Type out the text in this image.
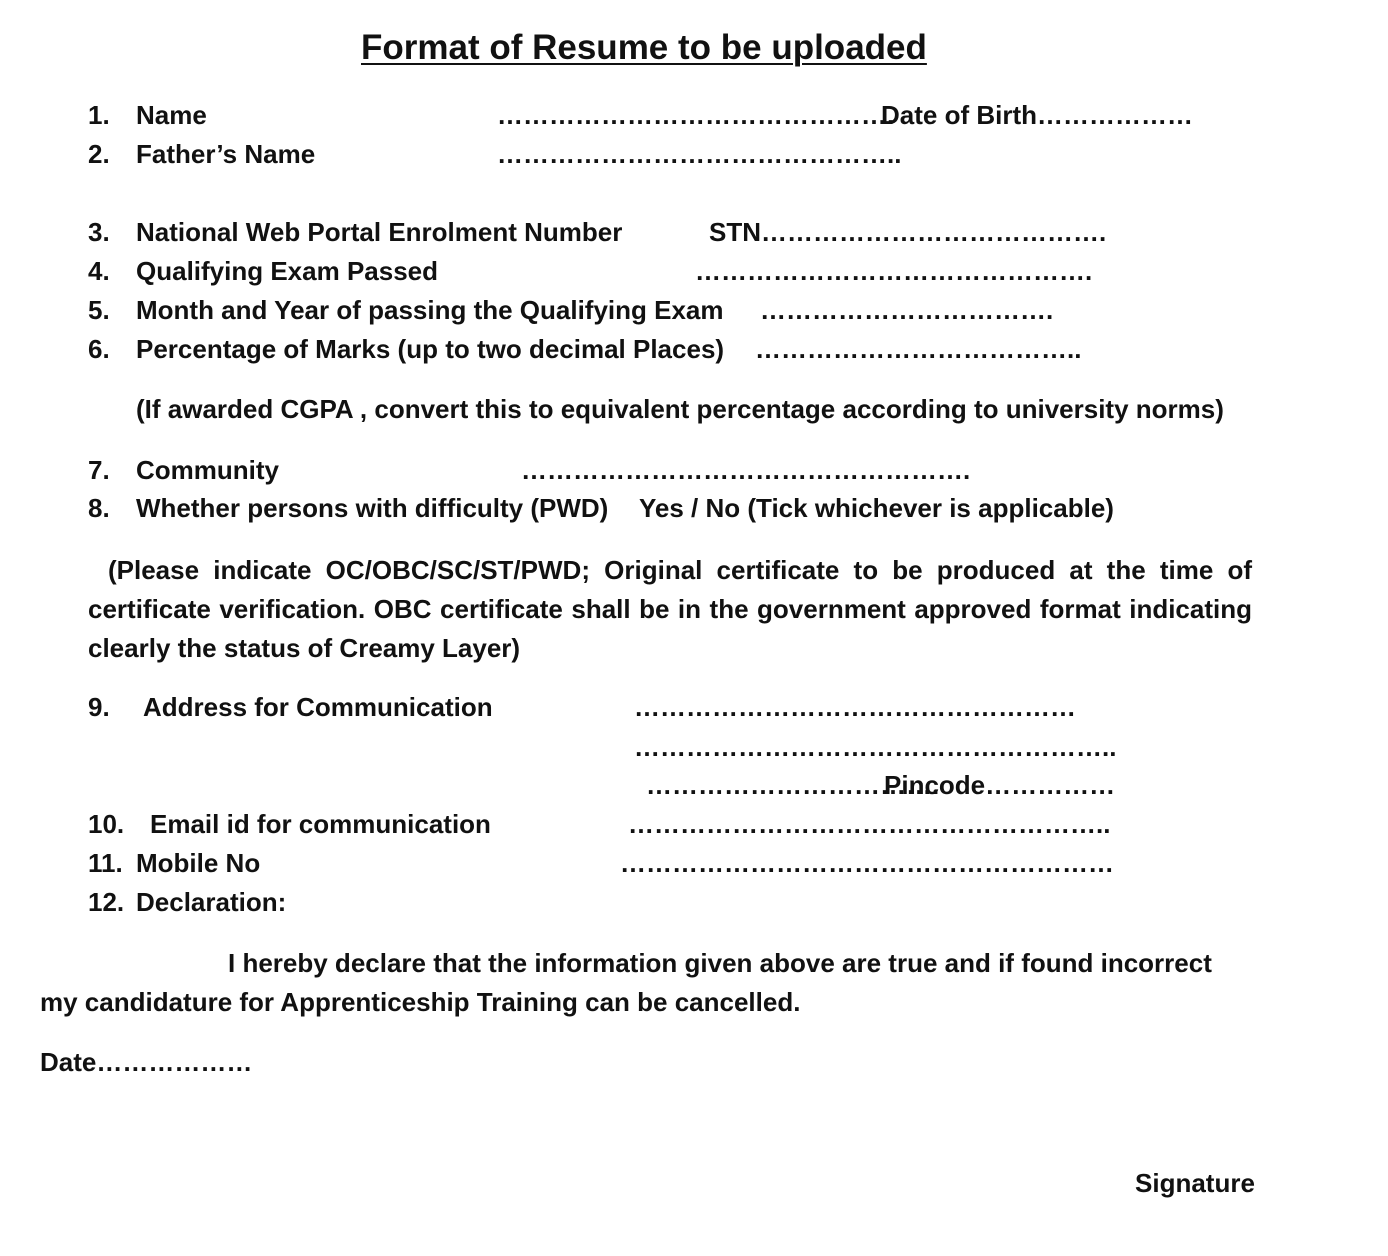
Format of Resume to be uploaded
1. Name	……………………………………….
Date of Birth………………
2. Father’s Name	………………………………………..
3. National Web Portal Enrolment Number	STN………………………………….
4. Qualifying Exam Passed	……………………………………….
5. Month and Year of passing the Qualifying Exam …………………………….
6. Percentage of Marks (up to two decimal Places) ………………………………..
(If awarded CGPA , convert this to equivalent percentage according to university norms)
7. Community	…………………………………………….
8. Whether persons with difficulty (PWD) Yes / No (Tick whichever is applicable)
(Please indicate OC/OBC/SC/ST/PWD; Original certificate to be produced at the time of certificate verification. OBC certificate shall be in the government approved format indicating clearly the status of Creamy Layer)
9. Address for Communication	……………………………………………
………………………………………………..
…………………………….
Pincode……………
10. Email id for communication	………………………………………………..
11. Mobile No	…………………………………………………
12. Declaration:
I hereby declare that the information given above are true and if found incorrect
my candidature for Apprenticeship Training can be cancelled.
Date………………
Signature
